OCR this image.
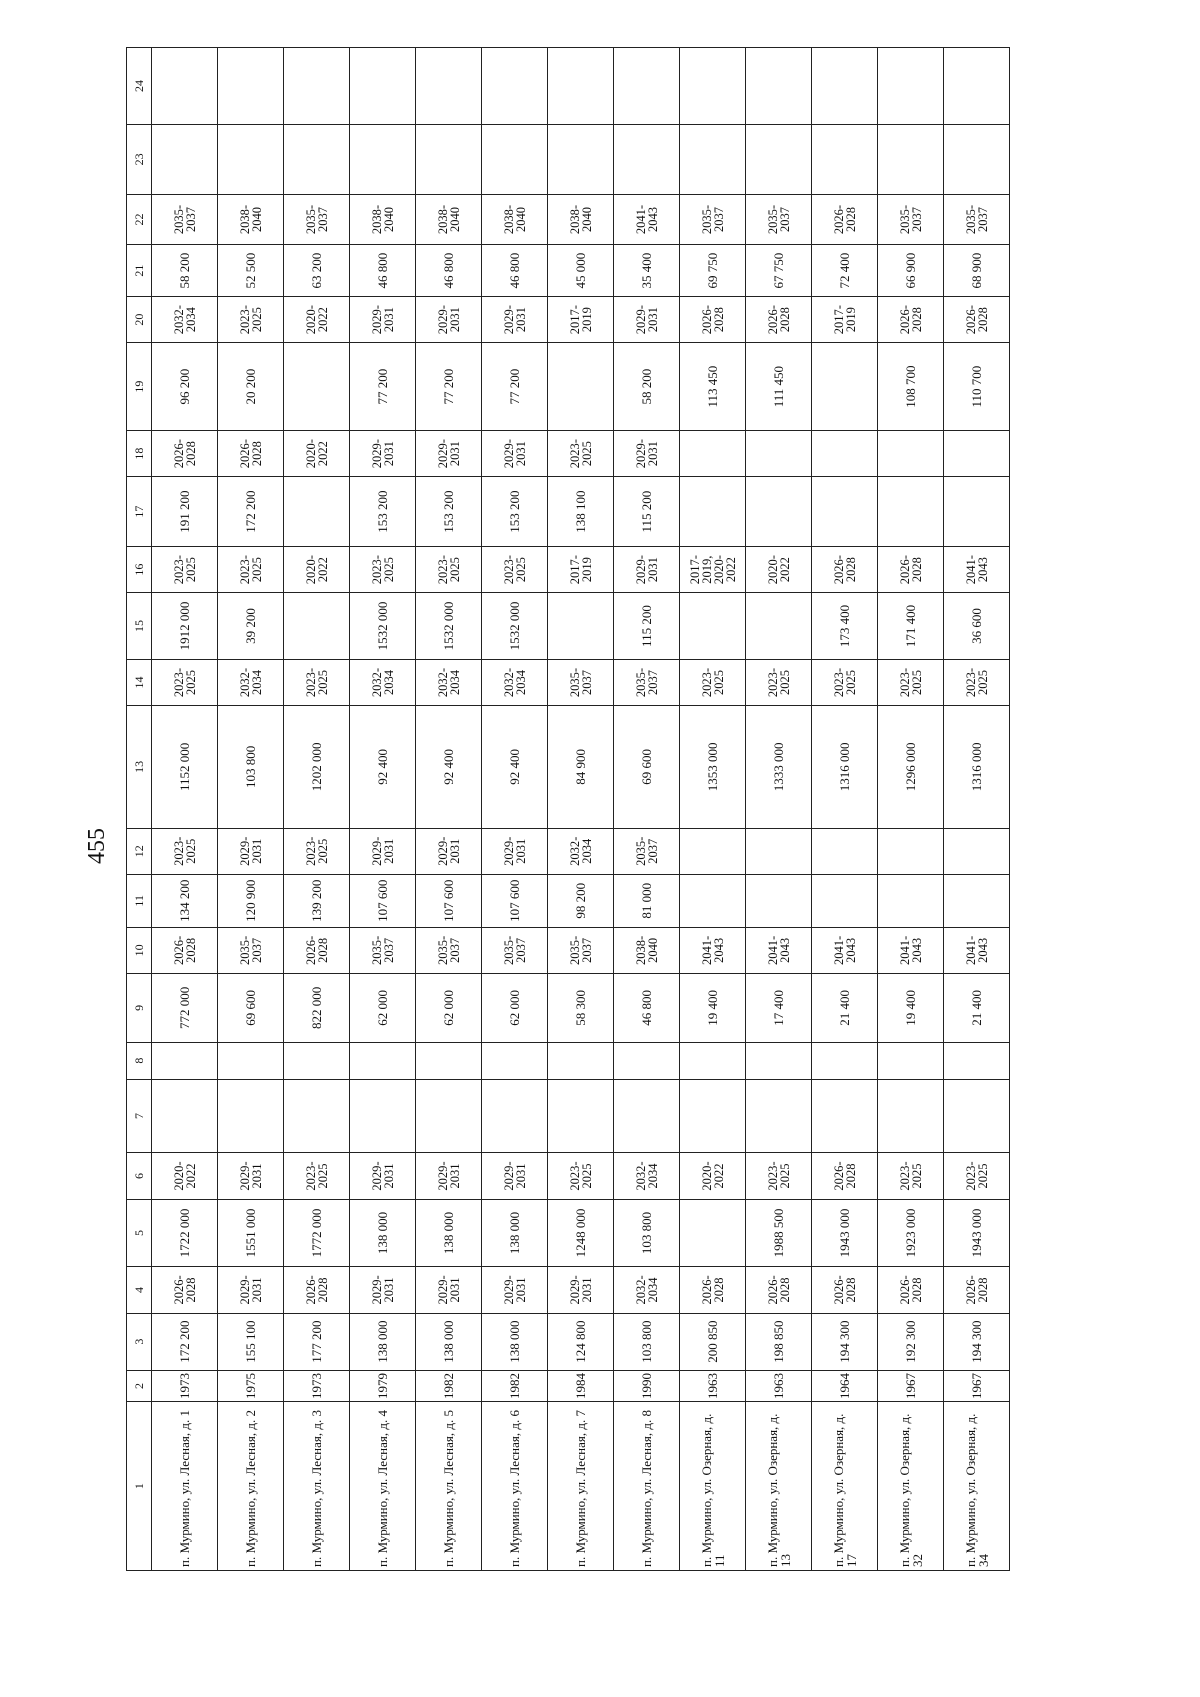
455
1	2	3	4	5	6	7	8	9	10	11	12	13	14	15	16	17	18	19	20	21	22	23	24
п. Мурмино, ул. Лесная, д. 1	1973	172 200	2026-2028	1722 000	2020-2022			772 000	2026-2028	134 200	2023-2025	1152 000	2023-2025	1912 000	2023-2025	191 200	2026-2028	96 200	2032-2034	58 200	2035-2037		
п. Мурмино, ул. Лесная, д. 2	1975	155 100	2029-2031	1551 000	2029-2031			69 600	2035-2037	120 900	2029-2031	103 800	2032-2034	39 200	2023-2025	172 200	2026-2028	20 200	2023-2025	52 500	2038-2040		
п. Мурмино, ул. Лесная, д. 3	1973	177 200	2026-2028	1772 000	2023-2025			822 000	2026-2028	139 200	2023-2025	1202 000	2023-2025		2020-2022		2020-2022		2020-2022	63 200	2035-2037		
п. Мурмино, ул. Лесная, д. 4	1979	138 000	2029-2031	138 000	2029-2031			62 000	2035-2037	107 600	2029-2031	92 400	2032-2034	1532 000	2023-2025	153 200	2029-2031	77 200	2029-2031	46 800	2038-2040		
п. Мурмино, ул. Лесная, д. 5	1982	138 000	2029-2031	138 000	2029-2031			62 000	2035-2037	107 600	2029-2031	92 400	2032-2034	1532 000	2023-2025	153 200	2029-2031	77 200	2029-2031	46 800	2038-2040		
п. Мурмино, ул. Лесная, д. 6	1982	138 000	2029-2031	138 000	2029-2031			62 000	2035-2037	107 600	2029-2031	92 400	2032-2034	1532 000	2023-2025	153 200	2029-2031	77 200	2029-2031	46 800	2038-2040		
п. Мурмино, ул. Лесная, д. 7	1984	124 800	2029-2031	1248 000	2023-2025			58 300	2035-2037	98 200	2032-2034	84 900	2035-2037		2017-2019	138 100	2023-2025		2017-2019	45 000	2038-2040		
п. Мурмино, ул. Лесная, д. 8	1990	103 800	2032-2034	103 800	2032-2034			46 800	2038-2040	81 000	2035-2037	69 600	2035-2037	115 200	2029-2031	115 200	2029-2031	58 200	2029-2031	35 400	2041-2043		
п. Мурмино, ул. Озерная, д. 11	1963	200 850	2026-2028		2020-2022			19 400	2041-2043			1353 000	2023-2025		2017-2019, 2020-2022			113 450	2026-2028	69 750	2035-2037		
п. Мурмино, ул. Озерная, д. 13	1963	198 850	2026-2028	1988 500	2023-2025			17 400	2041-2043			1333 000	2023-2025		2020-2022			111 450	2026-2028	67 750	2035-2037		
п. Мурмино, ул. Озерная, д. 17	1964	194 300	2026-2028	1943 000	2026-2028			21 400	2041-2043			1316 000	2023-2025	173 400	2026-2028				2017-2019	72 400	2026-2028		
п. Мурмино, ул. Озерная, д. 32	1967	192 300	2026-2028	1923 000	2023-2025			19 400	2041-2043			1296 000	2023-2025	171 400	2026-2028			108 700	2026-2028	66 900	2035-2037		
п. Мурмино, ул. Озерная, д. 34	1967	194 300	2026-2028	1943 000	2023-2025			21 400	2041-2043			1316 000	2023-2025	36 600	2041-2043			110 700	2026-2028	68 900	2035-2037		
